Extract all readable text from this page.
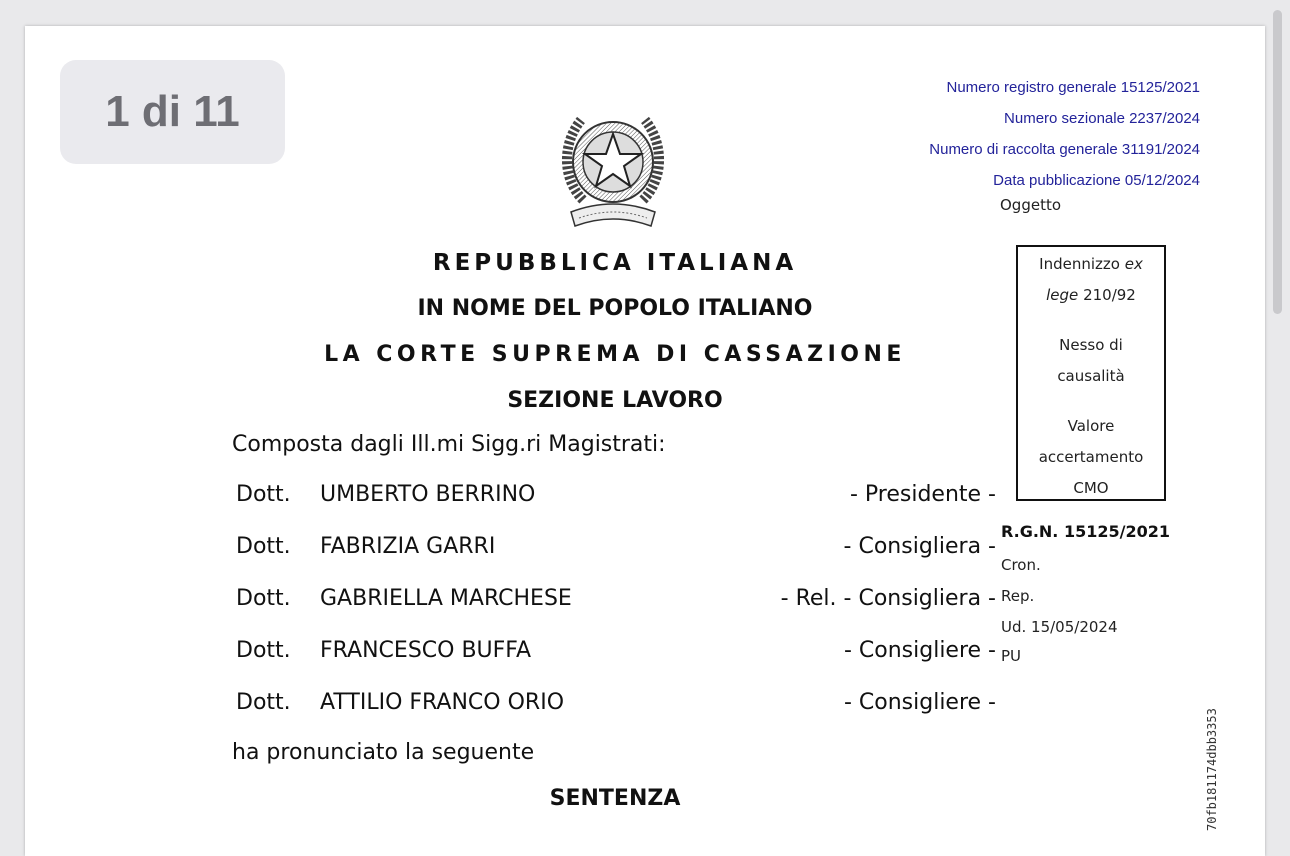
Numero registro generale 15125/2021
Numero sezionale 2237/2024
Numero di raccolta generale 31191/2024
Data pubblicazione 05/12/2024
Oggetto
REPUBBLICA ITALIANA
IN NOME DEL POPOLO ITALIANO
LA CORTE SUPREMA DI CASSAZIONE
SEZIONE LAVORO
Composta dagli Ill.mi Sigg.ri Magistrati:
Dott. UMBERTO BERRINO	- Presidente -
Dott. FABRIZIA GARRI	- Consigliera -
Dott. GABRIELLA MARCHESE	- Rel. - Consigliera -
Dott. FRANCESCO BUFFA	- Consigliere -
Dott. ATTILIO FRANCO ORIO	- Consigliere -
ha pronunciato la seguente
SENTENZA
Indennizzo ex
lege 210/92
Nesso di
causalità
Valore
accertamento
CMO
R.G.N. 15125/2021
Cron.
Rep.
Ud. 15/05/2024
PU
70fb181174dbb3353
1 di 11
